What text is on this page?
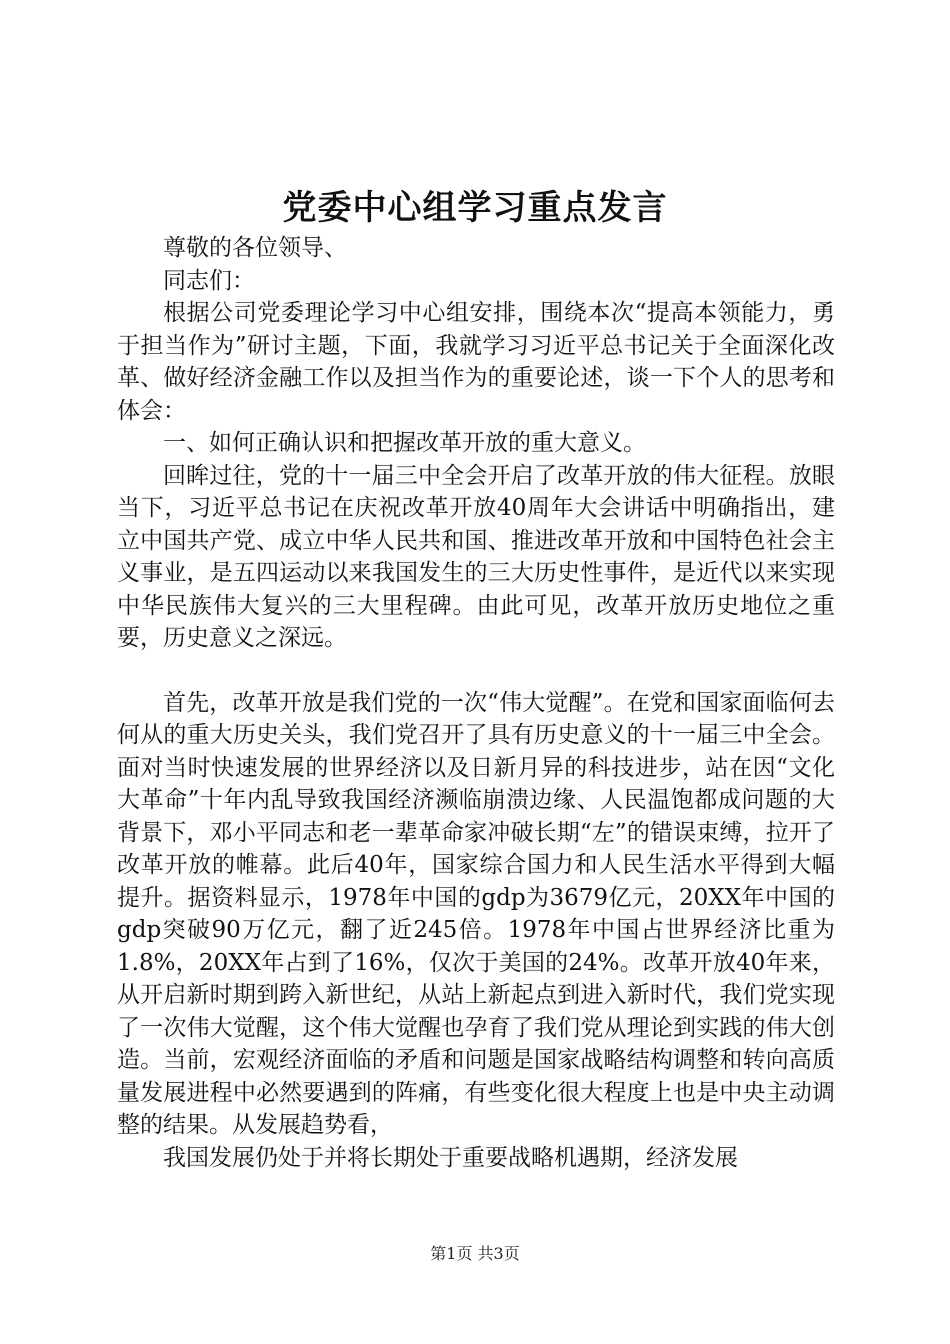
党委中心组学习重点发言

尊敬的各位领导、

同志们：

根据公司党委理论学习中心组安排，围绕本次“提高本领能力，勇于担当作为”研讨主题，下面，我就学习习近平总书记关于全面深化改革、做好经济金融工作以及担当作为的重要论述，谈一下个人的思考和体会：

一、如何正确认识和把握改革开放的重大意义。

回眸过往，党的十一届三中全会开启了改革开放的伟大征程。放眼当下，习近平总书记在庆祝改革开放40周年大会讲话中明确指出，建立中国共产党、成立中华人民共和国、推进改革开放和中国特色社会主义事业，是五四运动以来我国发生的三大历史性事件，是近代以来实现中华民族伟大复兴的三大里程碑。由此可见，改革开放历史地位之重要，历史意义之深远。

首先，改革开放是我们党的一次“伟大觉醒”。在党和国家面临何去何从的重大历史关头，我们党召开了具有历史意义的十一届三中全会。面对当时快速发展的世界经济以及日新月异的科技进步，站在因“文化大革命”十年内乱导致我国经济濒临崩溃边缘、人民温饱都成问题的大背景下，邓小平同志和老一辈革命家冲破长期“左”的错误束缚，拉开了改革开放的帷幕。此后40年，国家综合国力和人民生活水平得到大幅提升。据资料显示，1978年中国的gdp为3679亿元，20XX年中国的gdp突破90万亿元，翻了近245倍。1978年中国占世界经济比重为1.8%，20XX年占到了16%，仅次于美国的24%。改革开放40年来，从开启新时期到跨入新世纪，从站上新起点到进入新时代，我们党实现了一次伟大觉醒，这个伟大觉醒也孕育了我们党从理论到实践的伟大创造。当前，宏观经济面临的矛盾和问题是国家战略结构调整和转向高质量发展进程中必然要遇到的阵痛，有些变化很大程度上也是中央主动调整的结果。从发展趋势看，

我国发展仍处于并将长期处于重要战略机遇期，经济发展

第1页 共3页
